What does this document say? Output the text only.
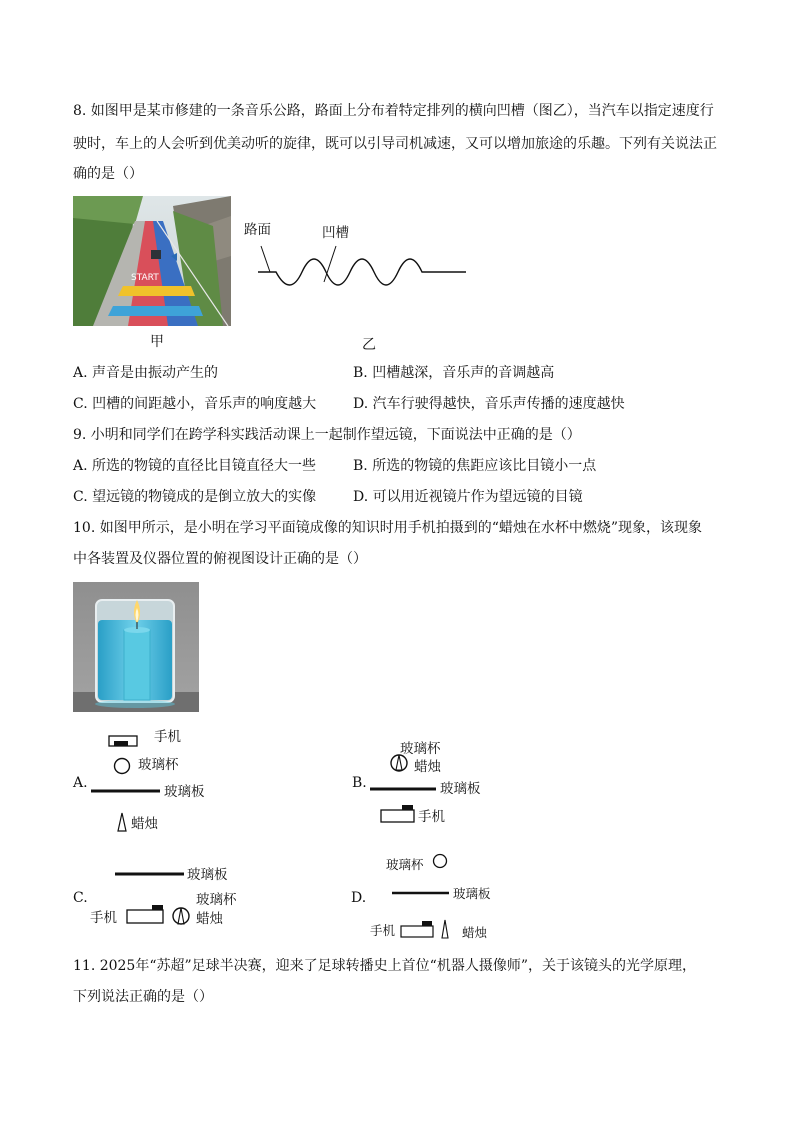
8. 如图甲是某市修建的一条音乐公路，路面上分布着特定排列的横向凹槽（图乙），当汽车以指定速度行
驶时，车上的人会听到优美动听的旋律，既可以引导司机减速，又可以增加旅途的乐趣。下列有关说法正
确的是（）
START
甲
路面	凹槽
乙
A. 声音是由振动产生的	B. 凹槽越深，音乐声的音调越高
C. 凹槽的间距越小，音乐声的响度越大	D. 汽车行驶得越快，音乐声传播的速度越快
9. 小明和同学们在跨学科实践活动课上一起制作望远镜，下面说法中正确的是（）
A. 所选的物镜的直径比目镜直径大一些	B. 所选的物镜的焦距应该比目镜小一点
C. 望远镜的物镜成的是倒立放大的实像	D. 可以用近视镜片作为望远镜的目镜
10. 如图甲所示，是小明在学习平面镜成像的知识时用手机拍摄到的“蜡烛在水杯中燃烧”现象，该现象
中各装置及仪器位置的俯视图设计正确的是（）
A.
手机
玻璃杯
玻璃板
蜡烛
B.
玻璃杯
蜡烛
玻璃板
手机
C.
玻璃板
玻璃杯
手机	蜡烛
D.
玻璃杯
玻璃板
手机	蜡烛
11. 2025年“苏超”足球半决赛，迎来了足球转播史上首位“机器人摄像师”，关于该镜头的光学原理，
下列说法正确的是（）
